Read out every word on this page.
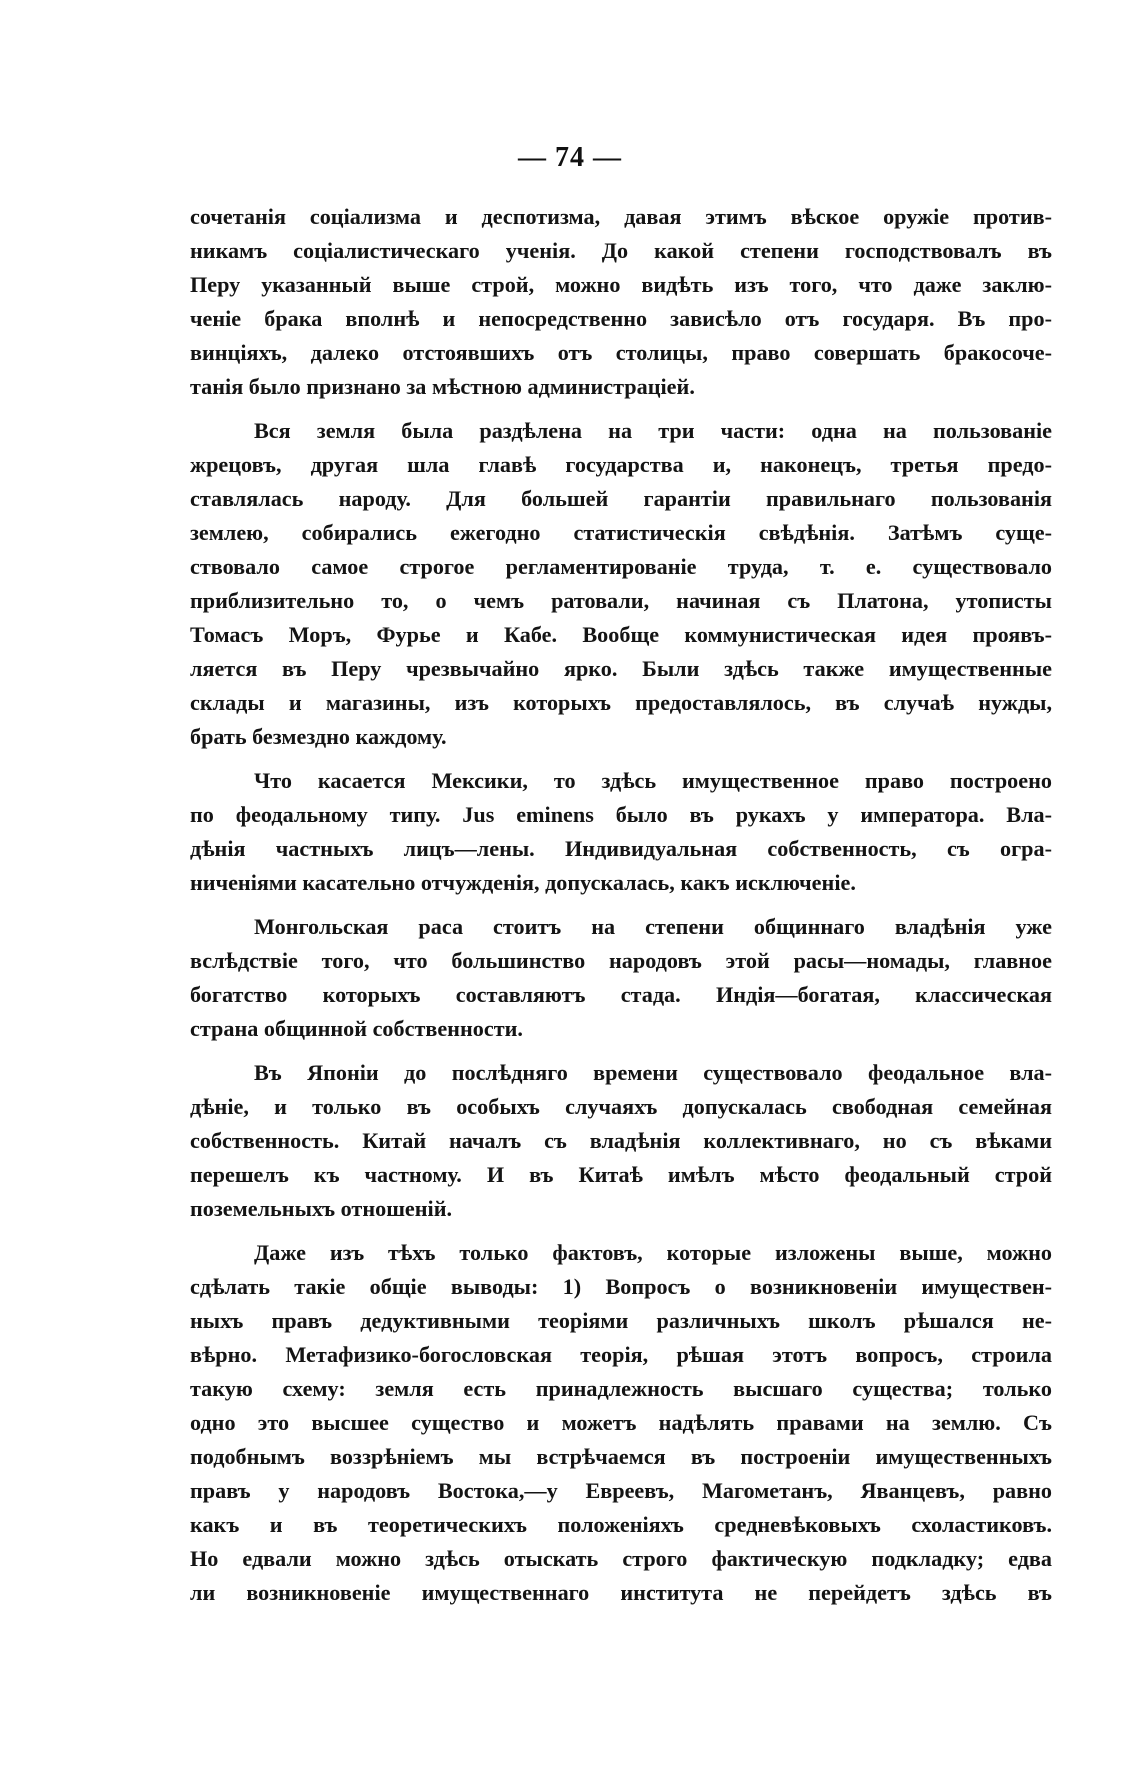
— 74 —
сочетанія соціализма и деспотизма, давая этимъ вѣское оружіе против-
никамъ соціалистическаго ученія. До какой степени господствовалъ въ
Перу указанный выше строй, можно видѣть изъ того, что даже заклю-
ченіе брака вполнѣ и непосредственно зависѣло отъ государя. Въ про-
винціяхъ, далеко отстоявшихъ отъ столицы, право совершать бракосоче-
танія было признано за мѣстною администраціей.
Вся земля была раздѣлена на три части: одна на пользованіе
жрецовъ, другая шла главѣ государства и, наконецъ, третья предо-
ставлялась народу. Для большей гарантіи правильнаго пользованія
землею, собирались ежегодно статистическія свѣдѣнія. Затѣмъ суще-
ствовало самое строгое регламентированіе труда, т. е. существовало
приблизительно то, о чемъ ратовали, начиная съ Платона, утописты
Томасъ Моръ, Фурье и Кабе. Вообще коммунистическая идея проявъ-
ляется въ Перу чрезвычайно ярко. Были здѣсь также имущественные
склады и магазины, изъ которыхъ предоставлялось, въ случаѣ нужды,
брать безмездно каждому.
Что касается Мексики, то здѣсь имущественное право построено
по феодальному типу. Jus eminens было въ рукахъ у императора. Вла-
дѣнія частныхъ лицъ—лены. Индивидуальная собственность, съ огра-
ниченіями касательно отчужденія, допускалась, какъ исключеніе.
Монгольская раса стоитъ на степени общиннаго владѣнія уже
вслѣдствіе того, что большинство народовъ этой расы—номады, главное
богатство которыхъ составляютъ стада. Индія—богатая, классическая
страна общинной собственности.
Въ Японіи до послѣдняго времени существовало феодальное вла-
дѣніе, и только въ особыхъ случаяхъ допускалась свободная семейная
собственность. Китай началъ съ владѣнія коллективнаго, но съ вѣками
перешелъ къ частному. И въ Китаѣ имѣлъ мѣсто феодальный строй
поземельныхъ отношеній.
Даже изъ тѣхъ только фактовъ, которые изложены выше, можно
сдѣлать такіе общіе выводы: 1) Вопросъ о возникновеніи имуществен-
ныхъ правъ дедуктивными теоріями различныхъ школъ рѣшался не-
вѣрно. Метафизико-богословская теорія, рѣшая этотъ вопросъ, строила
такую схему: земля есть принадлежность высшаго существа; только
одно это высшее существо и можетъ надѣлять правами на землю. Съ
подобнымъ воззрѣніемъ мы встрѣчаемся въ построеніи имущественныхъ
правъ у народовъ Востока,—у Евреевъ, Магометанъ, Явaнцевъ, равно
какъ и въ теоретическихъ положеніяхъ средневѣковыхъ схоластиковъ.
Но едвали можно здѣсь отыскать строго фактическую подкладку; едва
ли возникновеніе имущественнаго института не перейдетъ здѣсь въ
